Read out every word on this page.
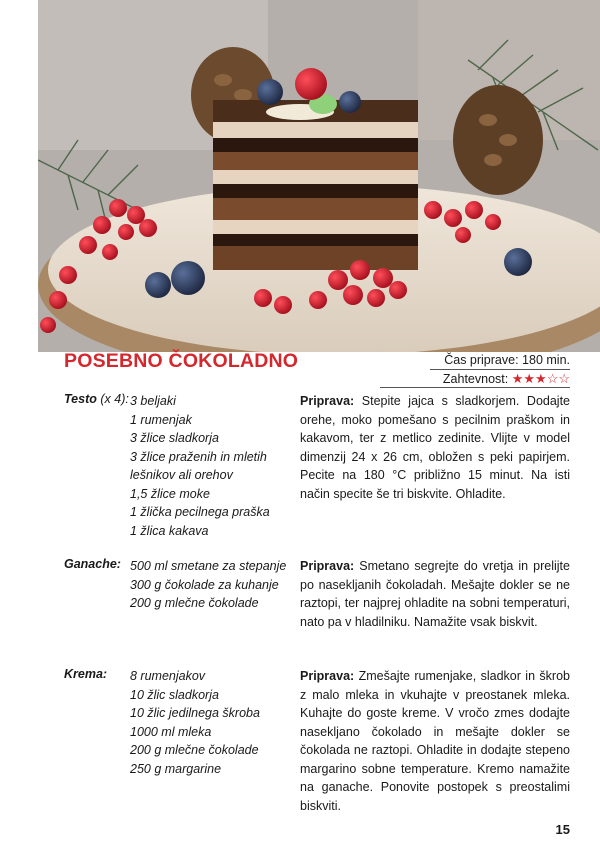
POSEBNO ČOKOLADNO	Čas priprave: 180 min.
Zahtevnost: ★★★☆☆
Testo (x 4): 3 beljaki
1 rumenjak
3 žlice sladkorja
3 žlice praženih in mletih
lešnikov ali orehov
1,5 žlice moke
1 žlička pecilnega praška
1 žlica kakava

Priprava: Stepite jajca s sladkorjem. Dodajte orehe, moko pomešano s pecilnim praškom in kakavom, ter z metlico zedinite. Vlijte v model dimenzij 24 x 26 cm, obložen s peki papirjem. Pecite na 180 °C približno 15 minut. Na isti način specite še tri biskvite. Ohladite.

Ganache: 500 ml smetane za stepanje
300 g čokolade za kuhanje
200 g mlečne čokolade

Priprava: Smetano segrejte do vretja in prelijte po nasekljanih čokoladah. Mešajte dokler se ne raztopi, ter najprej ohladite na sobni temperaturi, nato pa v hladilniku. Namažite vsak biskvit.

Krema: 8 rumenjakov
10 žlic sladkorja
10 žlic jedilnega škroba
1000 ml mleka
200 g mlečne čokolade
250 g margarine

Priprava: Zmešajte rumenjake, sladkor in škrob z malo mleka in vkuhajte v preostanek mleka. Kuhajte do goste kreme. V vročo zmes dodajte nasekljano čokolado in mešajte dokler se čokolada ne raztopi. Ohladite in dodajte stepeno margarino sobne temperature. Kremo namažite na ganache. Ponovite postopek s preostalimi biskviti.

15
